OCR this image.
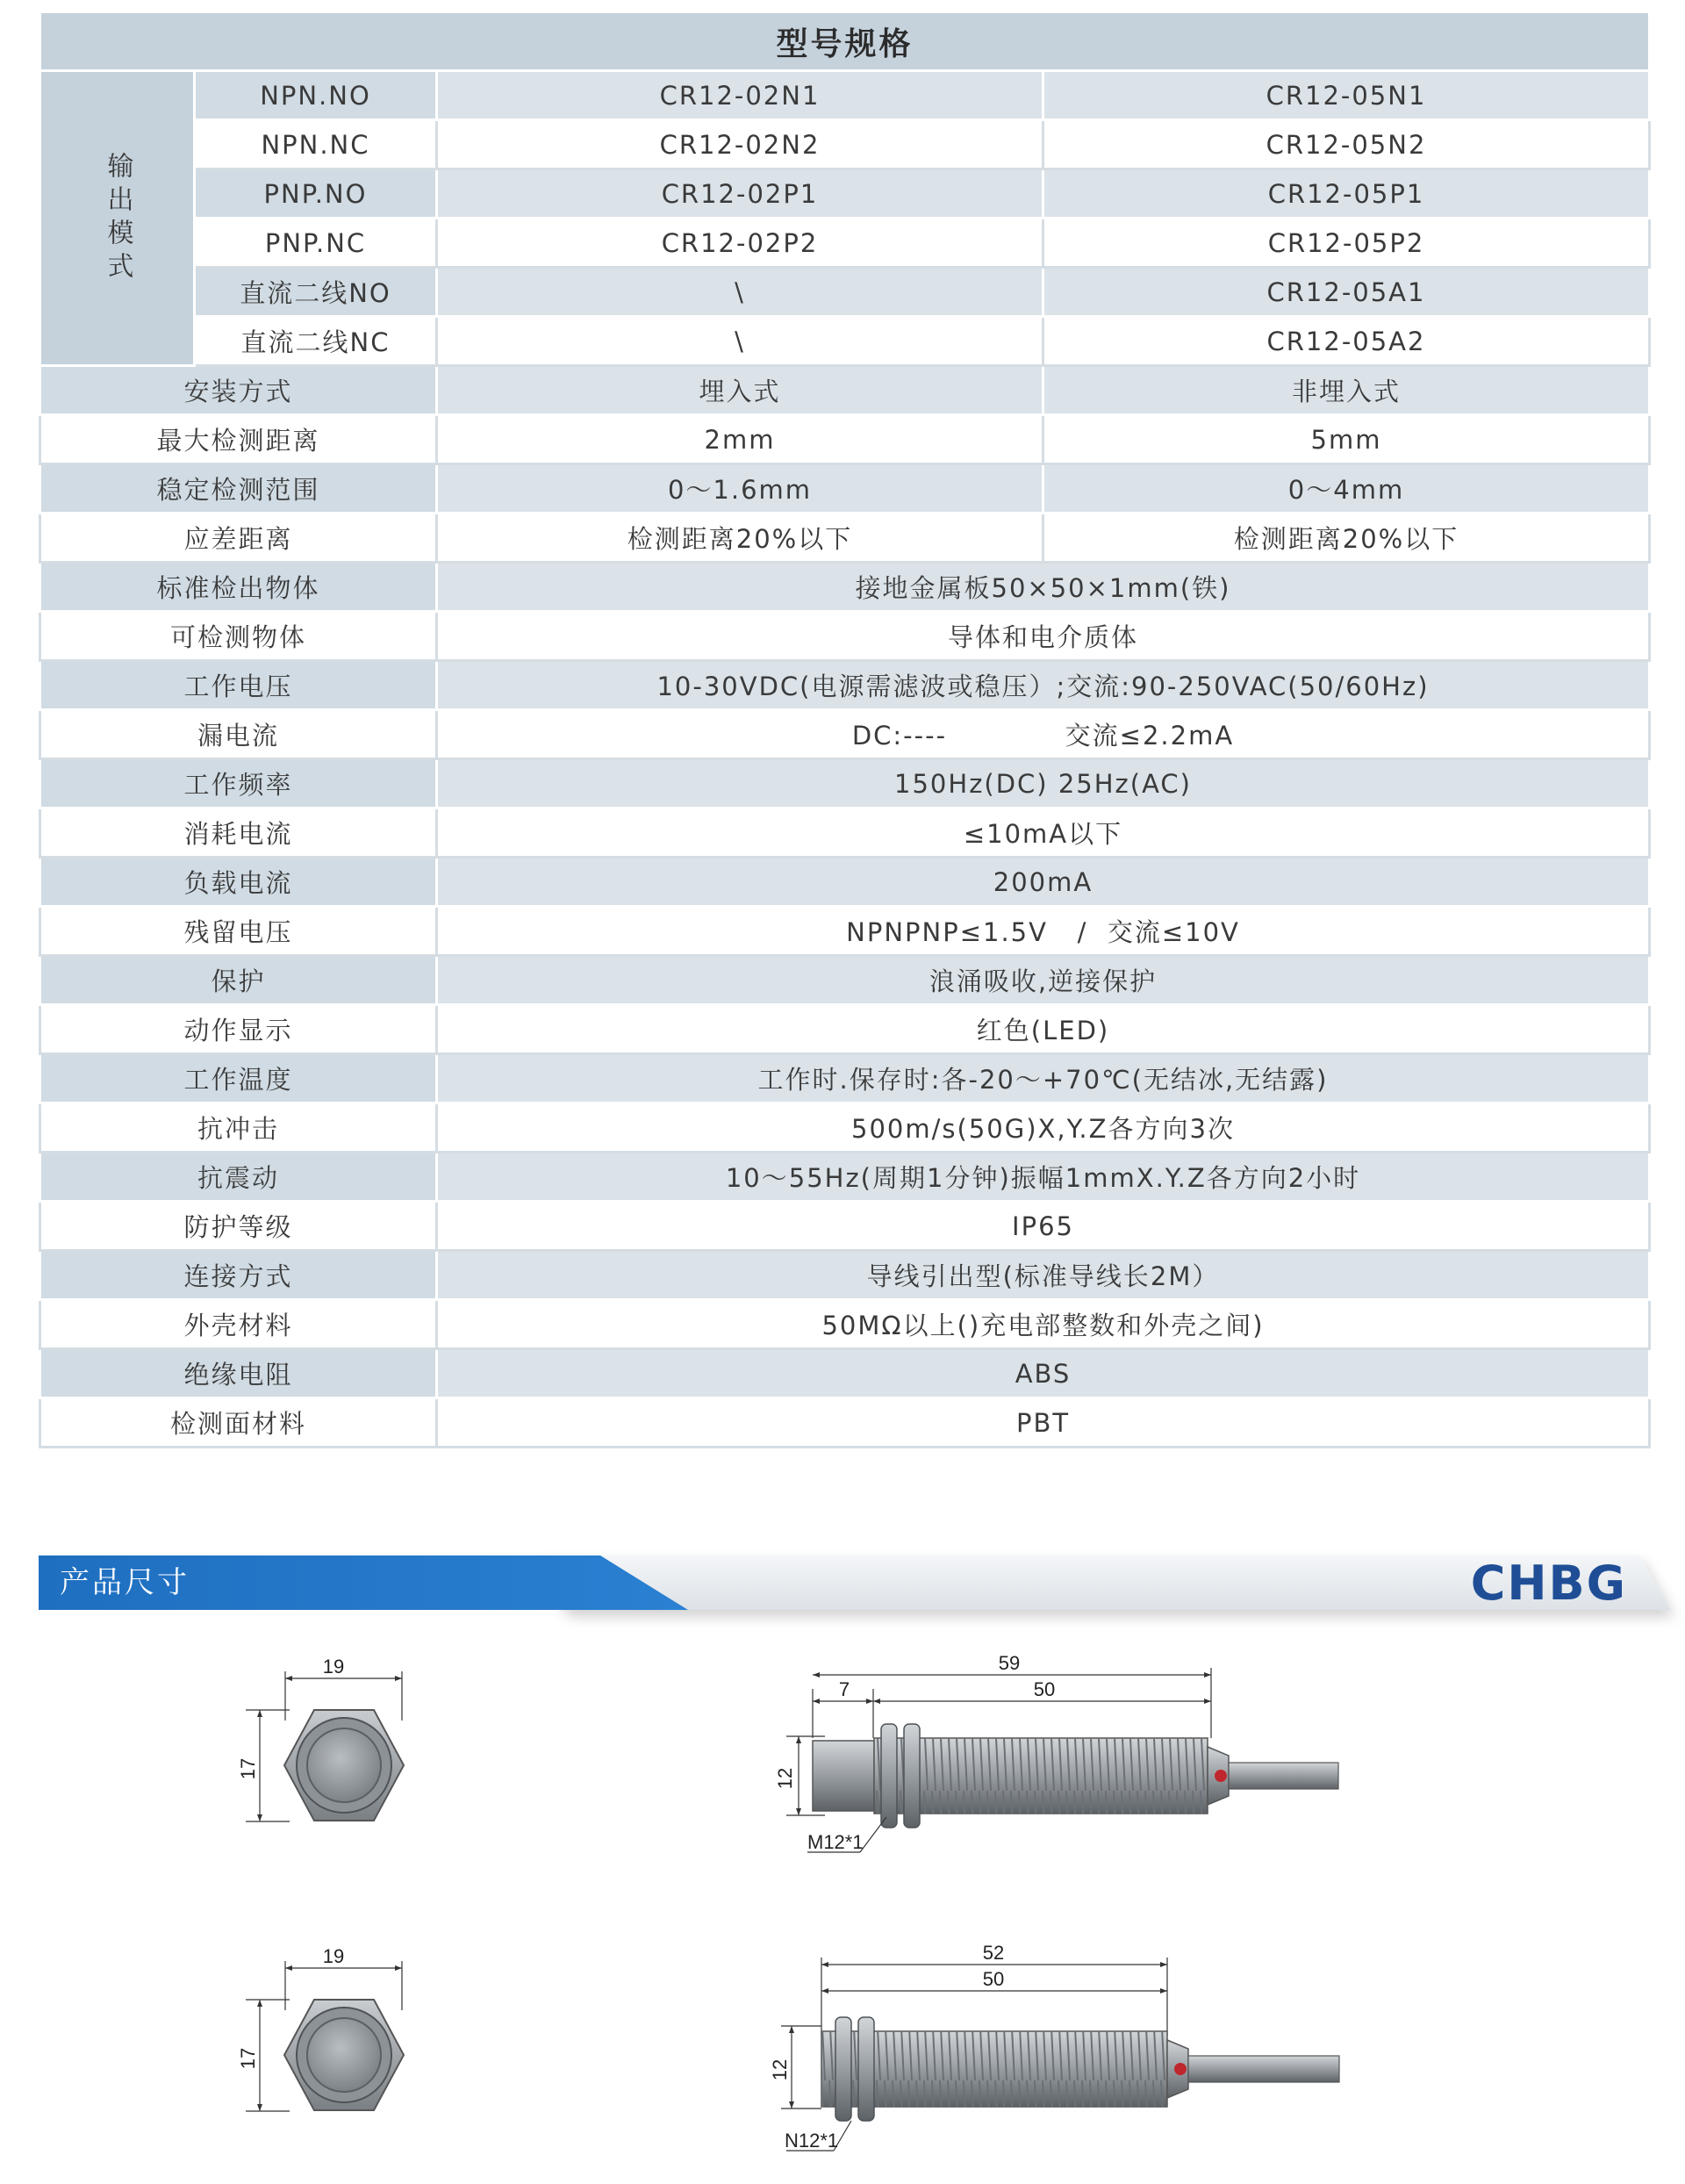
型号规格			
输出模式	NPN.NO	CR12-02N1	CR12-05N1
	NPN.NC	CR12-02N2	CR12-05N2
	PNP.NO	CR12-02P1	CR12-05P1
	PNP.NC	CR12-02P2	CR12-05P2
	直流二线NO	\	CR12-05A1
	直流二线NC	\	CR12-05A2
安装方式		埋入式	非埋入式
最大检测距离		2mm	5mm
稳定检测范围		0～1.6mm	0～4mm
应差距离		检测距离20%以下	检测距离20%以下
标准检出物体		接地金属板50×50×1mm(铁)	
可检测物体		导体和电介质体	
工作电压		10-30VDC(电源需滤波或稳压）;交流:90-250VAC(50/60Hz)	
漏电流		DC:----            交流≤2.2mA	
工作频率		150Hz(DC) 25Hz(AC)	
消耗电流		≤10mA以下	
负载电流		200mA	
残留电压		NPNPNP≤1.5V   /  交流≤10V	
保护		浪涌吸收,逆接保护	
动作显示		红色(LED)	
工作温度		工作时.保存时:各-20～+70℃(无结冰,无结露)	
抗冲击		500m/s(50G)X,Y.Z各方向3次	
抗震动		10～55Hz(周期1分钟)振幅1mmX.Y.Z各方向2小时	
防护等级		IP65	
连接方式		导线引出型(标准导线长2M）	
外壳材料		50MΩ以上()充电部整数和外壳之间)	
绝缘电阻		ABS	
检测面材料		PBT	
产品尺寸	CHBG
19
17
59
7	50
12
M12*1
19
17
52
50
12
N12*1
